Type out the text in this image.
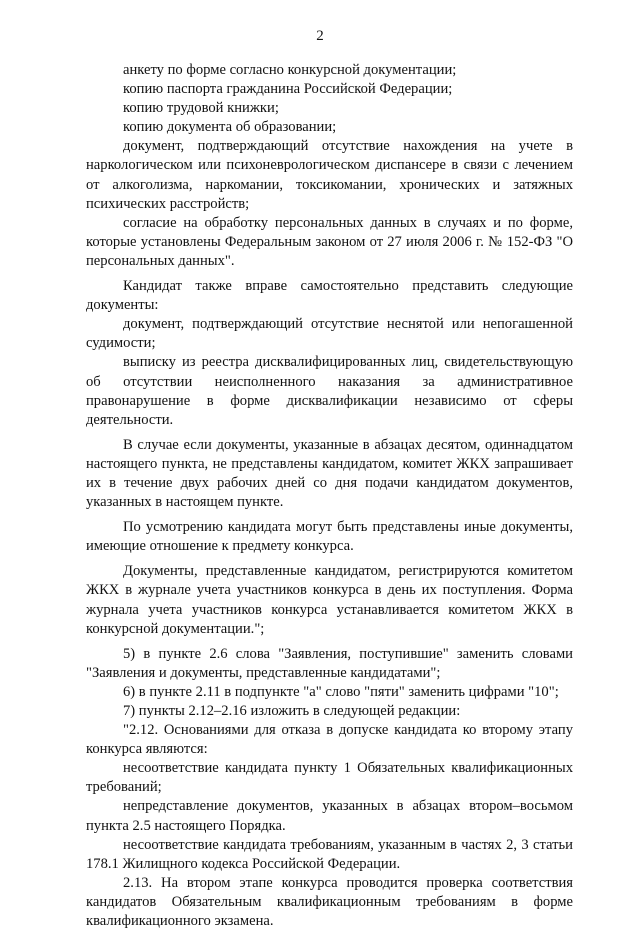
2

анкету по форме согласно конкурсной документации;

копию паспорта гражданина Российской Федерации;

копию трудовой книжки;

копию документа об образовании;

документ, подтверждающий отсутствие нахождения на учете в наркологическом или психоневрологическом диспансере в связи с лечением от алкоголизма, наркомании, токсикомании, хронических и затяжных психических расстройств;

согласие на обработку персональных данных в случаях и по форме, которые установлены Федеральным законом от 27 июля 2006 г. № 152-ФЗ "О персональных данных".

Кандидат также вправе самостоятельно представить следующие документы:

документ, подтверждающий отсутствие неснятой или непогашенной судимости;

выписку из реестра дисквалифицированных лиц, свидетельствующую об отсутствии неисполненного наказания за административное правонарушение в форме дисквалификации независимо от сферы деятельности.

В случае если документы, указанные в абзацах десятом, одиннадцатом настоящего пункта, не представлены кандидатом, комитет ЖКХ запрашивает их в течение двух рабочих дней со дня подачи кандидатом документов, указанных в настоящем пункте.

По усмотрению кандидата могут быть представлены иные документы, имеющие отношение к предмету конкурса.

Документы, представленные кандидатом, регистрируются комитетом ЖКХ в журнале учета участников конкурса в день их поступления. Форма журнала учета участников конкурса устанавливается комитетом ЖКХ в конкурсной документации.";

5) в пункте 2.6 слова "Заявления, поступившие" заменить словами "Заявления и документы, представленные кандидатами";

6) в пункте 2.11 в подпункте "а" слово "пяти" заменить цифрами "10";

7) пункты 2.12–2.16 изложить в следующей редакции:

"2.12. Основаниями для отказа в допуске кандидата ко второму этапу конкурса являются:

несоответствие кандидата пункту 1 Обязательных квалификационных требований;

непредставление документов, указанных в абзацах втором–восьмом пункта 2.5 настоящего Порядка.

несоответствие кандидата требованиям, указанным в частях 2, 3 статьи 178.1 Жилищного кодекса Российской Федерации.

2.13. На втором этапе конкурса проводится проверка соответствия кандидатов Обязательным квалификационным требованиям в форме квалификационного экзамена.
